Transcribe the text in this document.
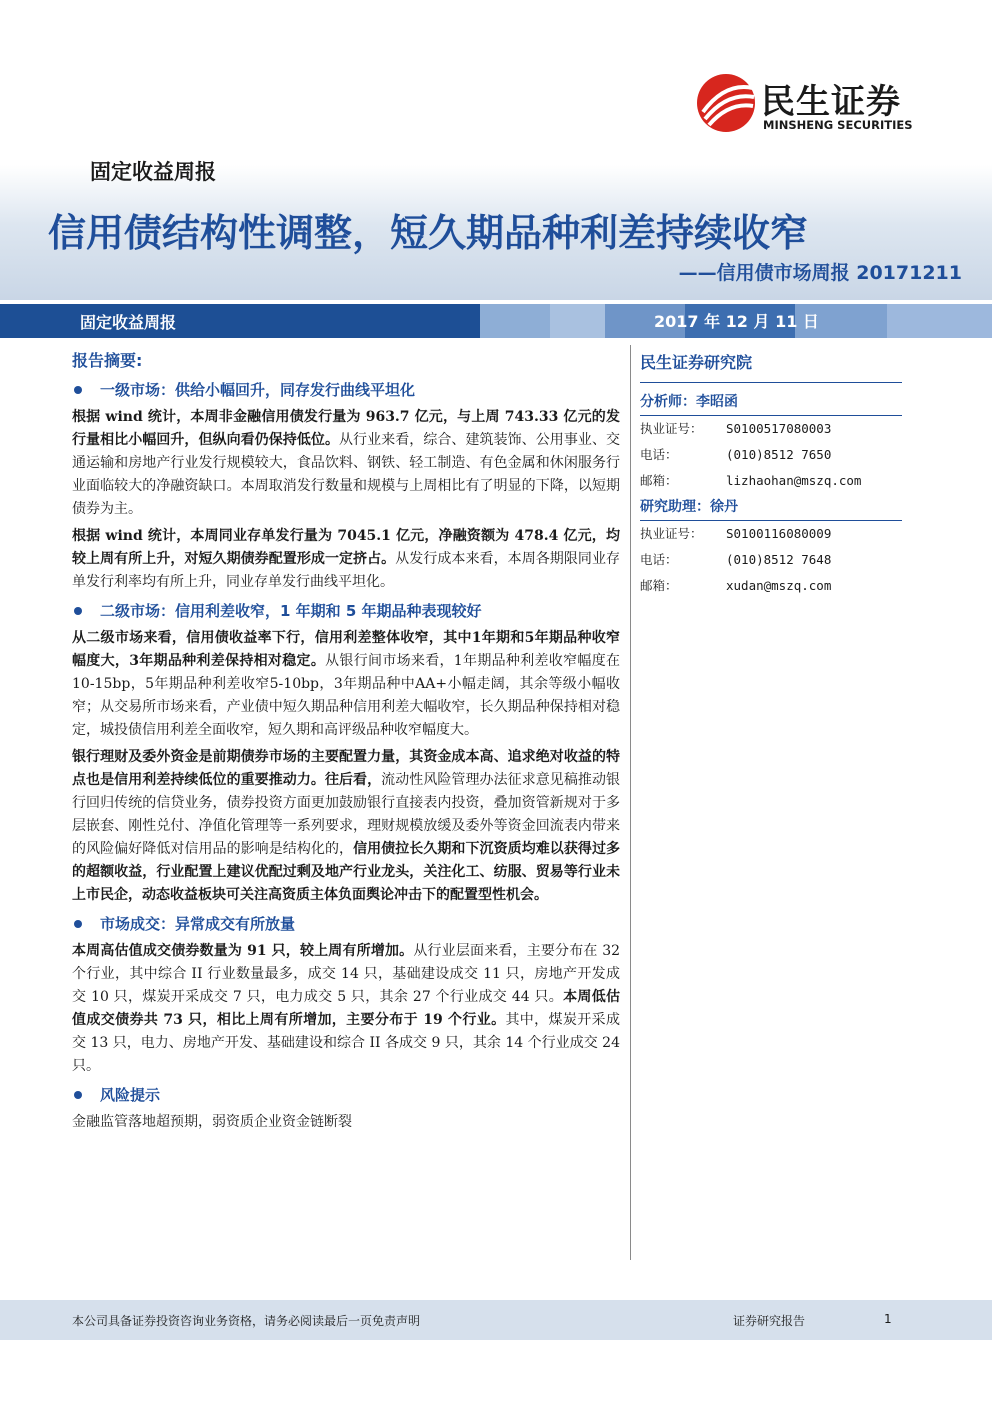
民生证券
MINSHENG SECURITIES
固定收益周报
信用债结构性调整，短久期品种利差持续收窄
——信用债市场周报 20171211
固定收益周报	2017 年 12 月 11 日
报告摘要:
一级市场：供给小幅回升，同存发行曲线平坦化

根据 wind 统计，本周非金融信用债发行量为 963.7 亿元，与上周 743.33 亿元的发行量相比小幅回升，但纵向看仍保持低位。从行业来看，综合、建筑装饰、公用事业、交通运输和房地产行业发行规模较大，食品饮料、钢铁、轻工制造、有色金属和休闲服务行业面临较大的净融资缺口。本周取消发行数量和规模与上周相比有了明显的下降，以短期债券为主。

根据 wind 统计，本周同业存单发行量为 7045.1 亿元，净融资额为 478.4 亿元，均较上周有所上升，对短久期债券配置形成一定挤占。从发行成本来看，本周各期限同业存单发行利率均有所上升，同业存单发行曲线平坦化。

二级市场：信用利差收窄，1 年期和 5 年期品种表现较好

从二级市场来看，信用债收益率下行，信用利差整体收窄，其中1年期和5年期品种收窄幅度大，3年期品种利差保持相对稳定。从银行间市场来看，1年期品种利差收窄幅度在10-15bp，5年期品种利差收窄5-10bp，3年期品种中AA+小幅走阔，其余等级小幅收窄；从交易所市场来看，产业债中短久期品种信用利差大幅收窄，长久期品种保持相对稳定，城投债信用利差全面收窄，短久期和高评级品种收窄幅度大。

银行理财及委外资金是前期债券市场的主要配置力量，其资金成本高、追求绝对收益的特点也是信用利差持续低位的重要推动力。往后看，流动性风险管理办法征求意见稿推动银行回归传统的信贷业务，债券投资方面更加鼓励银行直接表内投资，叠加资管新规对于多层嵌套、刚性兑付、净值化管理等一系列要求，理财规模放缓及委外等资金回流表内带来的风险偏好降低对信用品的影响是结构化的，信用债拉长久期和下沉资质均难以获得过多的超额收益，行业配置上建议优配过剩及地产行业龙头，关注化工、纺服、贸易等行业未上市民企，动态收益板块可关注高资质主体负面舆论冲击下的配置型性机会。

市场成交：异常成交有所放量

本周高估值成交债券数量为 91 只，较上周有所增加。从行业层面来看，主要分布在 32 个行业，其中综合 II 行业数量最多，成交 14 只，基础建设成交 11 只，房地产开发成交 10 只，煤炭开采成交 7 只，电力成交 5 只，其余 27 个行业成交 44 只。本周低估值成交债券共 73 只，相比上周有所增加，主要分布于 19 个行业。其中，煤炭开采成交 13 只，电力、房地产开发、基础建设和综合 II 各成交 9 只，其余 14 个行业成交 24 只。

风险提示

金融监管落地超预期，弱资质企业资金链断裂

民生证券研究院
分析师：李昭函
执业证号：	S0100517080003
电话：	(010)8512 7650
邮箱：	lizhaohan@mszq.com
研究助理：徐丹
执业证号：	S0100116080009
电话：	(010)8512 7648
邮箱：	xudan@mszq.com
本公司具备证券投资咨询业务资格，请务必阅读最后一页免责声明	证券研究报告	1
